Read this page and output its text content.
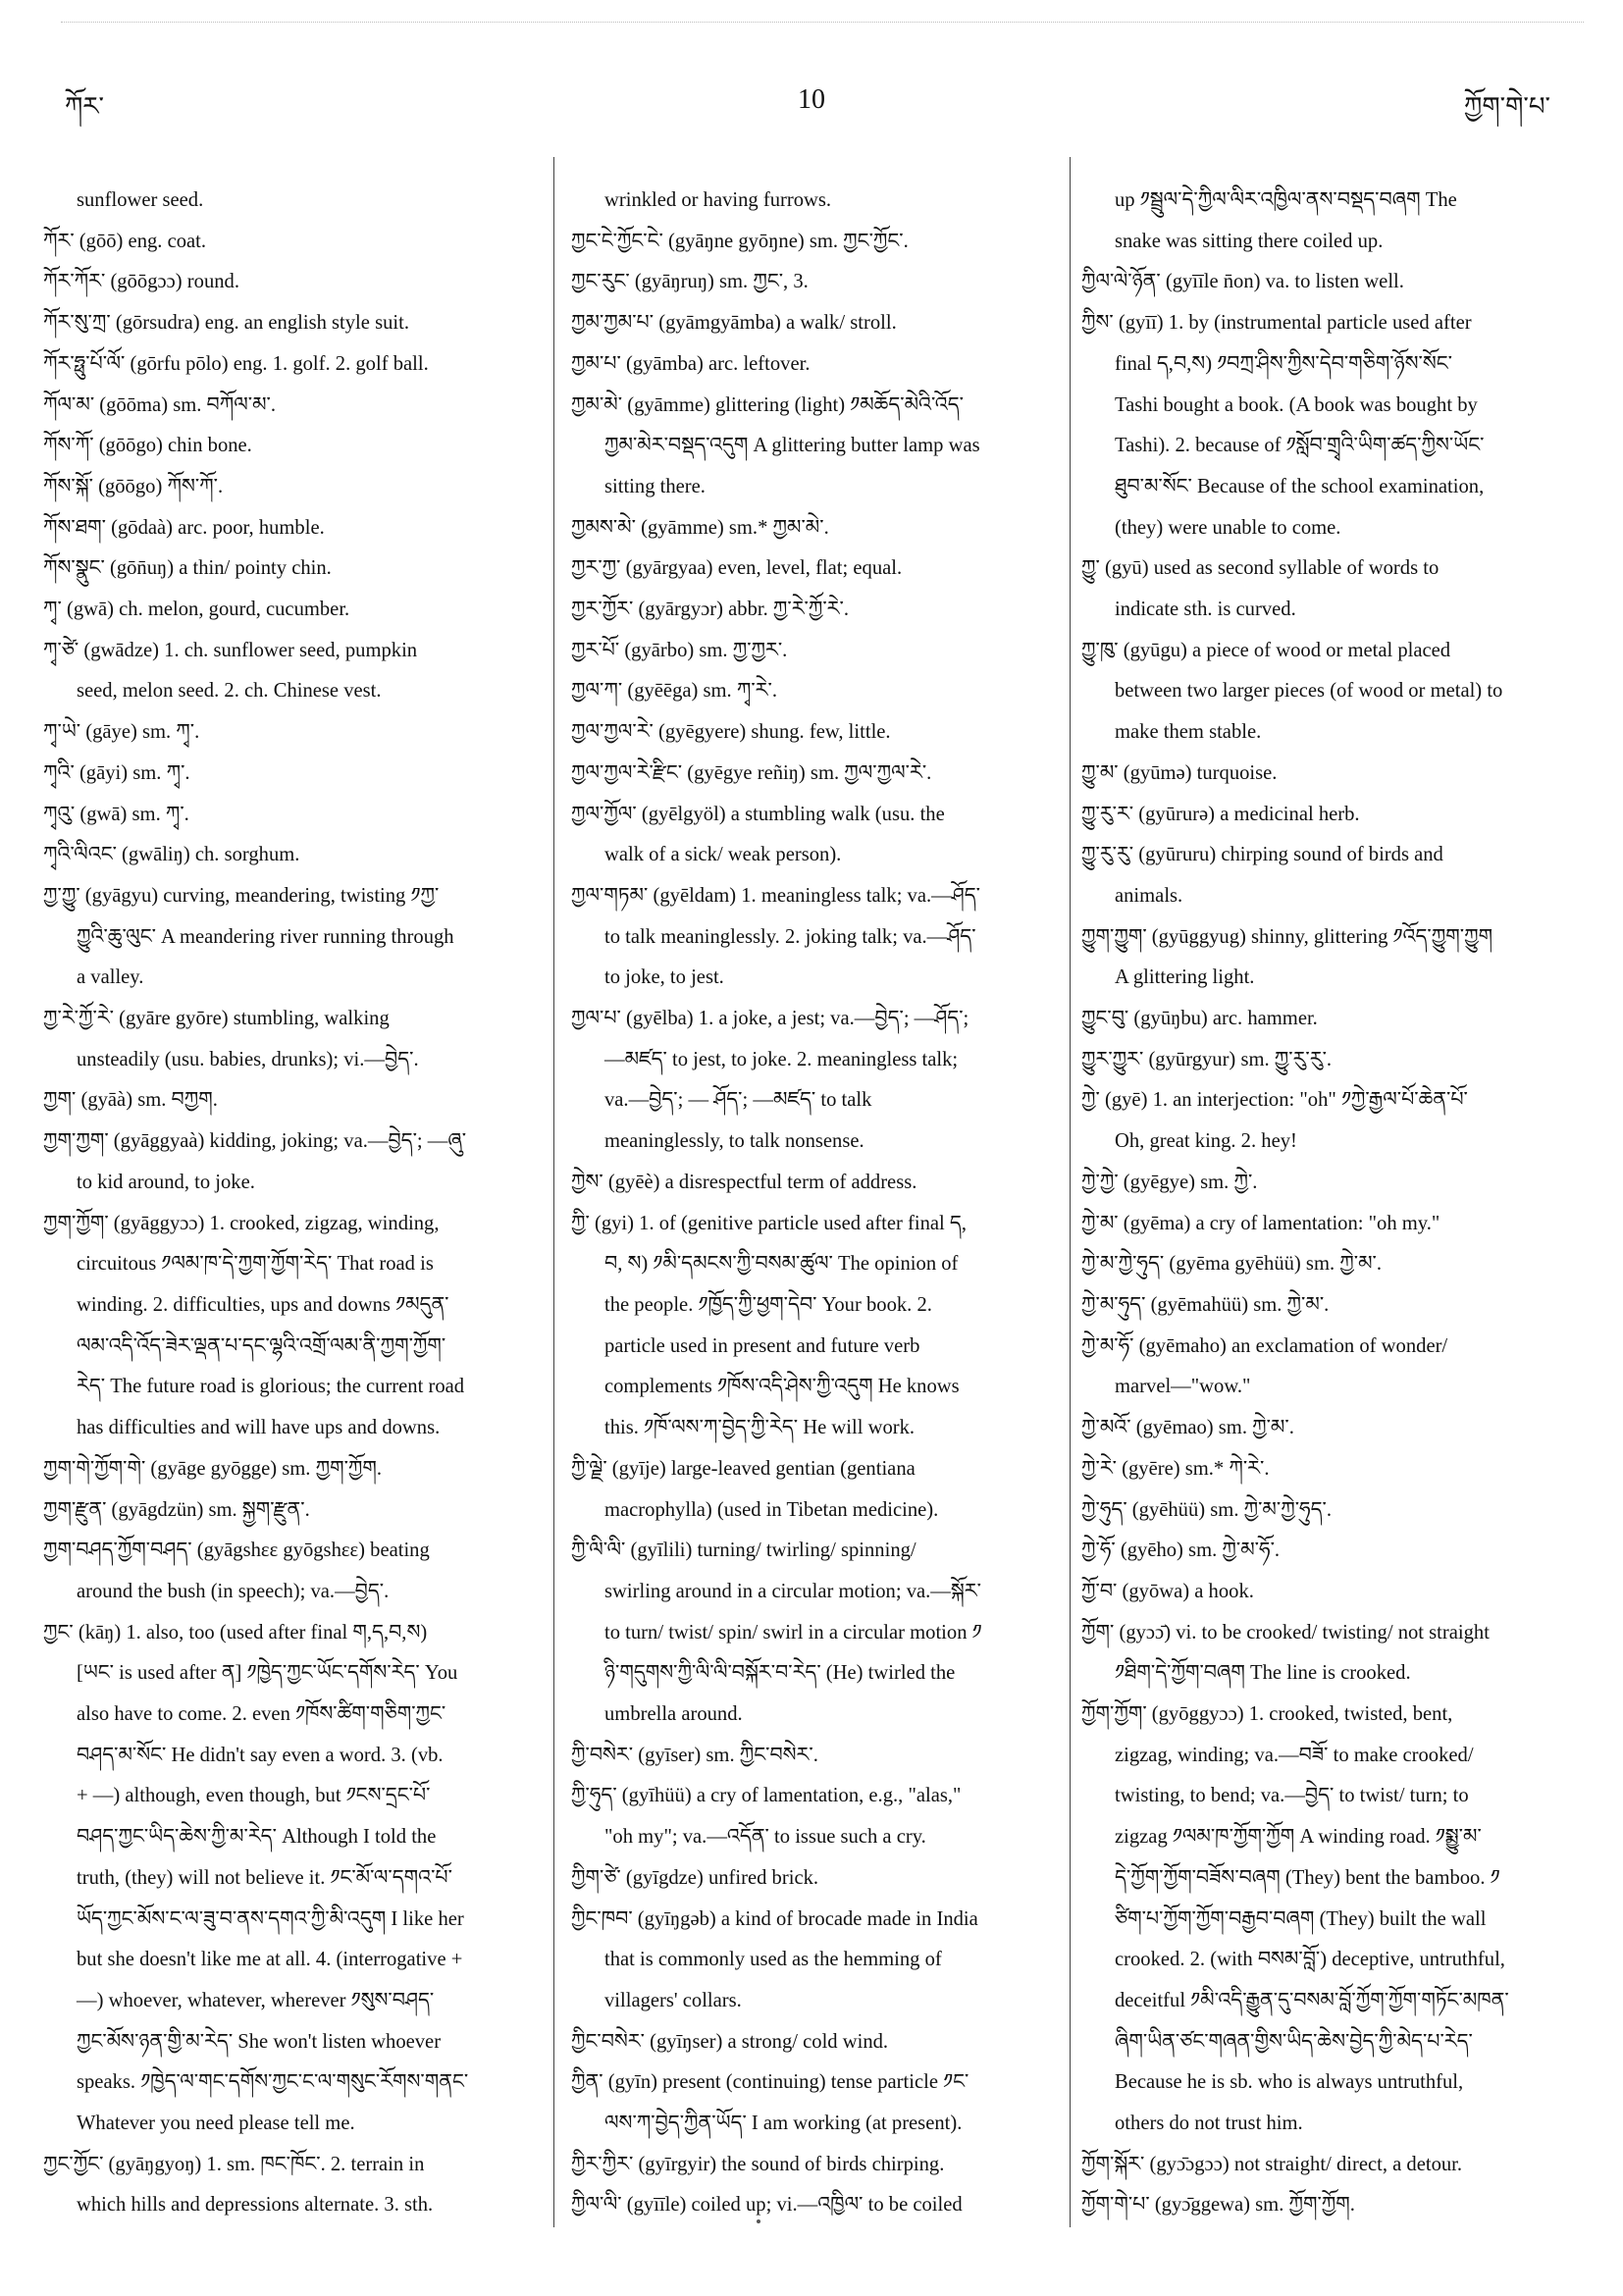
ཀོར་	10	ཀྱོག་གེ་པ་
sunflower seed.
ཀོར་ (gōō) eng. coat.
ཀོར་ཀོར་ (gōōgɔɔ) round.
ཀོར་སུ་ཀྲ་ (gōrsudra) eng. an english style suit.
ཀོར་ཧྥུ་པོ་ལོ་ (gōrfu pōlo) eng. 1. golf. 2. golf ball.
ཀོལ་མ་ (gōōma) sm. བཀོལ་མ་.
ཀོས་ཀོ་ (gōōgo) chin bone.
ཀོས་སྐོ་ (gōōgo) ཀོས་ཀོ་.
ཀོས་ཐག་ (gōdaà) arc. poor, humble.
ཀོས་སྣུང་ (gōn̄uŋ) a thin/ pointy chin.
ཀྭ་ (gwā) ch. melon, gourd, cucumber.
ཀྭ་ཙེ་ (gwādze) 1. ch. sunflower seed, pumpkin
seed, melon seed. 2. ch. Chinese vest.
ཀྭ་ཡེ་ (gāye) sm. ཀྭ་.
ཀྭའི་ (gāyi) sm. ཀྭ་.
ཀྭའུ་ (gwā) sm. ཀྭ་.
ཀྭའི་ལིའང་ (gwāliŋ) ch. sorghum.
ཀྱ་ཀྱུ་ (gyāgyu) curving, meandering, twisting ༡ཀྱ་
ཀྱུའི་ཆུ་ལུང་ A meandering river running through
a valley.
ཀྱ་རེ་ཀྱོ་རེ་ (gyāre gyōre) stumbling, walking
unsteadily (usu. babies, drunks); vi.—བྱེད་.
ཀྱག་ (gyāà) sm. བཀྱག.
ཀྱག་ཀྱག་ (gyāggyaà) kidding, joking; va.—བྱེད་; —ཞུ་
to kid around, to joke.
ཀྱག་ཀྱོག་ (gyāggyɔɔ) 1. crooked, zigzag, winding,
circuitous ༡ལམ་ཁ་དེ་ཀྱག་ཀྱོག་རེད་ That road is
winding. 2. difficulties, ups and downs ༡མདུན་
ལམ་འདི་འོད་ཟེར་ལྡན་པ་དང་ལྷའི་འགྲོ་ལམ་ནི་ཀྱག་ཀྱོག་
རེད་ The future road is glorious; the current road
has difficulties and will have ups and downs.
ཀྱག་གེ་ཀྱོག་གེ་ (gyāge gyōgge) sm. ཀྱག་ཀྱོག.
ཀྱག་རྫུན་ (gyāgdzün) sm. སྐྱག་རྫུན་.
ཀྱག་བཤད་ཀྱོག་བཤད་ (gyāgshɛɛ gyōgshɛɛ) beating
around the bush (in speech); va.—བྱེད་.
ཀྱང་ (kāŋ) 1. also, too (used after final ག,ད,བ,ས)
[ཡང་ is used after ན] ༡ཁྱེད་ཀྱང་ཡོང་དགོས་རེད་ You
also have to come. 2. even ༡ཁོས་ཚིག་གཅིག་ཀྱང་
བཤད་མ་སོང་ He didn't say even a word. 3. (vb.
+ —) although, even though, but ༡ངས་དྲང་པོ་
བཤད་ཀྱང་ཡིད་ཆེས་ཀྱི་མ་རེད་ Although I told the
truth, (they) will not believe it. ༡ང་མོ་ལ་དགའ་པོ་
ཡོད་ཀྱང་མོས་ང་ལ་ཟུ་བ་ནས་དགའ་ཀྱི་མི་འདུག I like her
but she doesn't like me at all. 4. (interrogative +
—) whoever, whatever, wherever ༡སུས་བཤད་
ཀྱང་མོས་ཉན་གྱི་མ་རེད་ She won't listen whoever
speaks. ༡ཁྱེད་ལ་གང་དགོས་ཀྱང་ང་ལ་གསུང་རོགས་གནང་
Whatever you need please tell me.
ཀྱང་ཀྱོང་ (gyāŋgyoŋ) 1. sm. ཁང་ཁོང་. 2. terrain in
which hills and depressions alternate. 3. sth.
wrinkled or having furrows.
ཀྱང་ངེ་ཀྱོང་ངེ་ (gyāŋne gyōŋne) sm. ཀྱང་ཀྱོང་.
ཀྱང་རུང་ (gyāŋruŋ) sm. ཀྱང་, 3.
ཀྱམ་ཀྱམ་པ་ (gyāmgyāmba) a walk/ stroll.
ཀྱམ་པ་ (gyāmba) arc. leftover.
ཀྱམ་མེ་ (gyāmme) glittering (light) ༡མཆོད་མེའི་འོད་
ཀྱམ་མེར་བསྡད་འདུག A glittering butter lamp was
sitting there.
ཀྱམས་མེ་ (gyāmme) sm.* ཀྱམ་མེ་.
ཀྱར་ཀྱ་ (gyārgyaa) even, level, flat; equal.
ཀྱར་ཀྱོར་ (gyārgyɔr) abbr. ཀྱ་རེ་ཀྱོ་རེ་.
ཀྱར་པོ་ (gyārbo) sm. ཀྱ་ཀྱར་.
ཀྱལ་ཀ་ (gyēēga) sm. ཀྭ་རེ་.
ཀྱལ་ཀྱལ་རེ་ (gyēgyere) shung. few, little.
ཀྱལ་ཀྱལ་རེ་རྫིང་ (gyēgye reñiŋ) sm. ཀྱལ་ཀྱལ་རེ་.
ཀྱལ་ཀྱོལ་ (gyēlgyöl) a stumbling walk (usu. the
walk of a sick/ weak person).
ཀྱལ་གཏམ་ (gyēldam) 1. meaningless talk; va.—ཤོད་
to talk meaninglessly. 2. joking talk; va.—ཤོད་
to joke, to jest.
ཀྱལ་པ་ (gyēlba) 1. a joke, a jest; va.—བྱེད་; —ཤོད་;
—མཛད་ to jest, to joke. 2. meaningless talk;
va.—བྱེད་; — ཤོད་; —མཛད་ to talk
meaninglessly, to talk nonsense.
ཀྱེས་ (gyēè) a disrespectful term of address.
ཀྱི་ (gyi) 1. of (genitive particle used after final ད,
བ, ས) ༡མི་དམངས་ཀྱི་བསམ་ཚུལ་ The opinion of
the people. ༡ཁྱོད་ཀྱི་ཕྱག་དེབ་ Your book. 2.
particle used in present and future verb
complements ༡ཁོས་འདི་ཤེས་ཀྱི་འདུག He knows
this. ༡ཁོ་ལས་ཀ་བྱེད་ཀྱི་རེད་ He will work.
ཀྱི་ལྗེ་ (gyīje) large-leaved gentian (gentiana
macrophylla) (used in Tibetan medicine).
ཀྱི་ལི་ལི་ (gyīlili) turning/ twirling/ spinning/
swirling around in a circular motion; va.—སྐོར་
to turn/ twist/ spin/ swirl in a circular motion ༡
ཉི་གདུགས་ཀྱི་ལི་ལི་བསྐོར་བ་རེད་ (He) twirled the
umbrella around.
ཀྱི་བསེར་ (gyīser) sm. ཀྱིང་བསེར་.
ཀྱི་ཧུད་ (gyīhüü) a cry of lamentation, e.g., "alas,"
"oh my"; va.—འདོན་ to issue such a cry.
ཀྱིག་ཙེ་ (gyīgdze) unfired brick.
ཀྱིང་ཁབ་ (gyīŋgəb) a kind of brocade made in India
that is commonly used as the hemming of
villagers' collars.
ཀྱིང་བསེར་ (gyīŋser) a strong/ cold wind.
ཀྱིན་ (gyīn) present (continuing) tense particle ༡ང་
ལས་ཀ་བྱེད་ཀྱིན་ཡོད་ I am working (at present).
ཀྱིར་ཀྱིར་ (gyīrgyir) the sound of birds chirping.
ཀྱིལ་ལི་ (gyīīle) coiled up; vi.—འཁྱིལ་ to be coiled
up ༡སྦྲུལ་དེ་ཀྱིལ་ལིར་འཁྱིལ་ནས་བསྡད་བཞག The
snake was sitting there coiled up.
ཀྱིལ་ལེ་ཉོན་ (gyīīle n̄on) va. to listen well.
ཀྱིས་ (gyīī) 1. by (instrumental particle used after
final ད,བ,ས) ༡བཀྲ་ཤིས་ཀྱིས་དེབ་གཅིག་ཉོས་སོང་
Tashi bought a book. (A book was bought by
Tashi). 2. because of ༡སློབ་གྲྭའི་ཡིག་ཚད་ཀྱིས་ཡོང་
ཐུབ་མ་སོང་ Because of the school examination,
(they) were unable to come.
ཀྱུ་ (gyū) used as second syllable of words to
indicate sth. is curved.
ཀྱུ་ཁུ་ (gyūgu) a piece of wood or metal placed
between two larger pieces (of wood or metal) to
make them stable.
ཀྱུ་མ་ (gyūmə) turquoise.
ཀྱུ་རུ་ར་ (gyūrurə) a medicinal herb.
ཀྱུ་རུ་རུ་ (gyūruru) chirping sound of birds and
animals.
ཀྱུག་ཀྱུག་ (gyūggyug) shinny, glittering ༡འོད་ཀྱུག་ཀྱུག
A glittering light.
ཀྱུང་བུ་ (gyūŋbu) arc. hammer.
ཀྱུར་ཀྱུར་ (gyūrgyur) sm. ཀྱུ་རུ་རུ་.
ཀྱེ་ (gyē) 1. an interjection: "oh" ༡ཀྱེ་རྒྱལ་པོ་ཆེན་པོ་
Oh, great king. 2. hey!
ཀྱེ་ཀྱེ་ (gyēgye) sm. ཀྱེ་.
ཀྱེ་མ་ (gyēma) a cry of lamentation: "oh my."
ཀྱེ་མ་ཀྱེ་ཧུད་ (gyēma gyēhüü) sm. ཀྱེ་མ་.
ཀྱེ་མ་ཧུད་ (gyēmahüü) sm. ཀྱེ་མ་.
ཀྱེ་མ་ཧོ་ (gyēmaho) an exclamation of wonder/
marvel—"wow."
ཀྱེ་མའོ་ (gyēmao) sm. ཀྱེ་མ་.
ཀྱེ་རེ་ (gyēre) sm.* ཀེ་རེ་.
ཀྱེ་ཧུད་ (gyēhüü) sm. ཀྱེ་མ་ཀྱེ་ཧུད་.
ཀྱེ་ཧོ་ (gyēho) sm. ཀྱེ་མ་ཧོ་.
ཀྱོ་བ་ (gyōwa) a hook.
ཀྱོག་ (gyɔɔ̄) vi. to be crooked/ twisting/ not straight
༡ཐིག་དེ་ཀྱོག་བཞག The line is crooked.
ཀྱོག་ཀྱོག་ (gyōggyɔɔ) 1. crooked, twisted, bent,
zigzag, winding; va.—བཟོ་ to make crooked/
twisting, to bend; va.—བྱེད་ to twist/ turn; to
zigzag ༡ལམ་ཁ་ཀྱོག་ཀྱོག A winding road. ༡སྨྱུ་མ་
དེ་ཀྱོག་ཀྱོག་བཟོས་བཞག (They) bent the bamboo. ༡
ཙིག་པ་ཀྱོག་ཀྱོག་བརྒྱབ་བཞག (They) built the wall
crooked. 2. (with བསམ་བློ་) deceptive, untruthful,
deceitful ༡མི་འདི་རྒྱུན་དུ་བསམ་བློ་ཀྱོག་ཀྱོག་གཏོང་མཁན་
ཞིག་ཡིན་ཙང་གཞན་གྱིས་ཡིད་ཆེས་བྱེད་ཀྱི་མེད་པ་རེད་
Because he is sb. who is always untruthful,
others do not trust him.
ཀྱོག་སྐོར་ (gyɔ̄ɔgɔɔ) not straight/ direct, a detour.
ཀྱོག་གེ་པ་ (gyɔ̄ggewa) sm. ཀྱོག་ཀྱོག.
